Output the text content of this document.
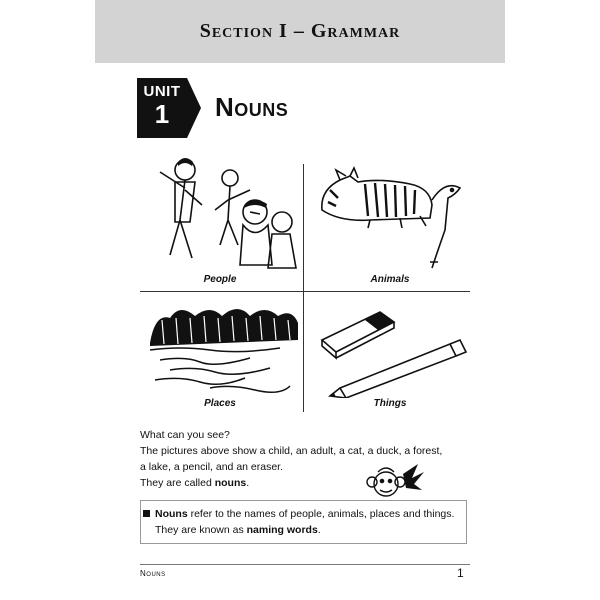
Section I – Grammar
UNIT
1	Nouns
People	Animals
Places	Things

What can you see?

The pictures above show a child, an adult, a cat, a duck, a forest,

a lake, a pencil, and an eraser.

They are called nouns.

Nouns refer to the names of people, animals, places and things.
They are known as naming words.
Nouns	1
